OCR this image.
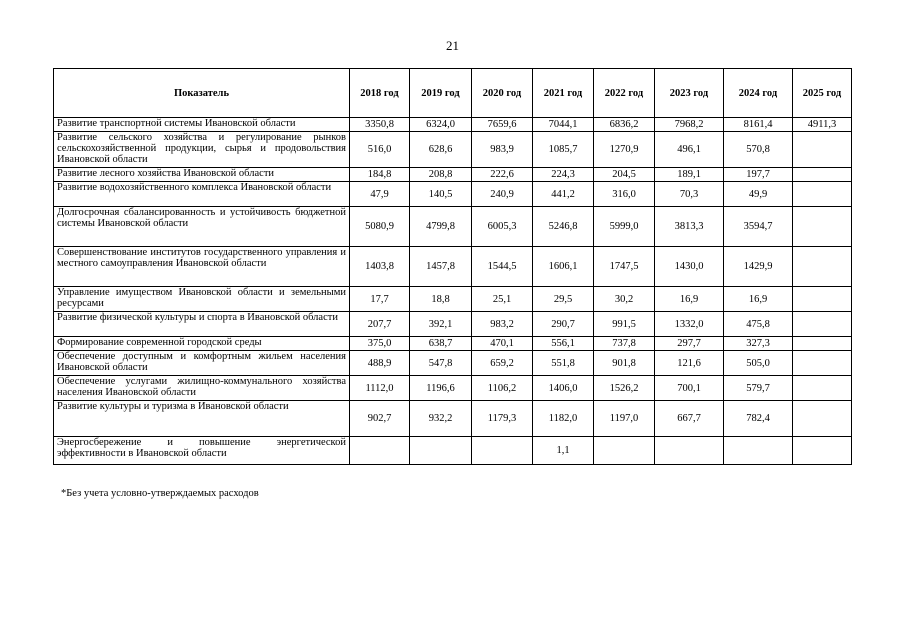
21
Показатель	2018 год	2019 год	2020 год	2021 год	2022 год	2023 год	2024 год	2025 год
Развитие транспортной системы Ивановской области	3350,8	6324,0	7659,6	7044,1	6836,2	7968,2	8161,4	4911,3
Развитие сельского хозяйства и регулирование рынков сельскохозяйственной продукции, сырья и продовольствия Ивановской области	516,0	628,6	983,9	1085,7	1270,9	496,1	570,8	
Развитие лесного хозяйства Ивановской области	184,8	208,8	222,6	224,3	204,5	189,1	197,7	
Развитие водохозяйственного комплекса Ивановской области	47,9	140,5	240,9	441,2	316,0	70,3	49,9	
Долгосрочная сбалансированность и устойчивость бюджетной системы Ивановской области	5080,9	4799,8	6005,3	5246,8	5999,0	3813,3	3594,7	
Совершенствование институтов государственного управления и местного самоуправления Ивановской области	1403,8	1457,8	1544,5	1606,1	1747,5	1430,0	1429,9	
Управление имуществом Ивановской области и земельными ресурсами	17,7	18,8	25,1	29,5	30,2	16,9	16,9	
Развитие физической культуры и спорта в Ивановской области	207,7	392,1	983,2	290,7	991,5	1332,0	475,8	
Формирование современной городской среды	375,0	638,7	470,1	556,1	737,8	297,7	327,3	
Обеспечение доступным и комфортным жильем населения Ивановской области	488,9	547,8	659,2	551,8	901,8	121,6	505,0	
Обеспечение услугами жилищно-коммунального хозяйства населения Ивановской области	1112,0	1196,6	1106,2	1406,0	1526,2	700,1	579,7	
Развитие культуры и туризма в Ивановской области	902,7	932,2	1179,3	1182,0	1197,0	667,7	782,4	
Энергосбережение и повышение энергетической эффективности в Ивановской области				1,1				
*Без учета условно-утверждаемых расходов
